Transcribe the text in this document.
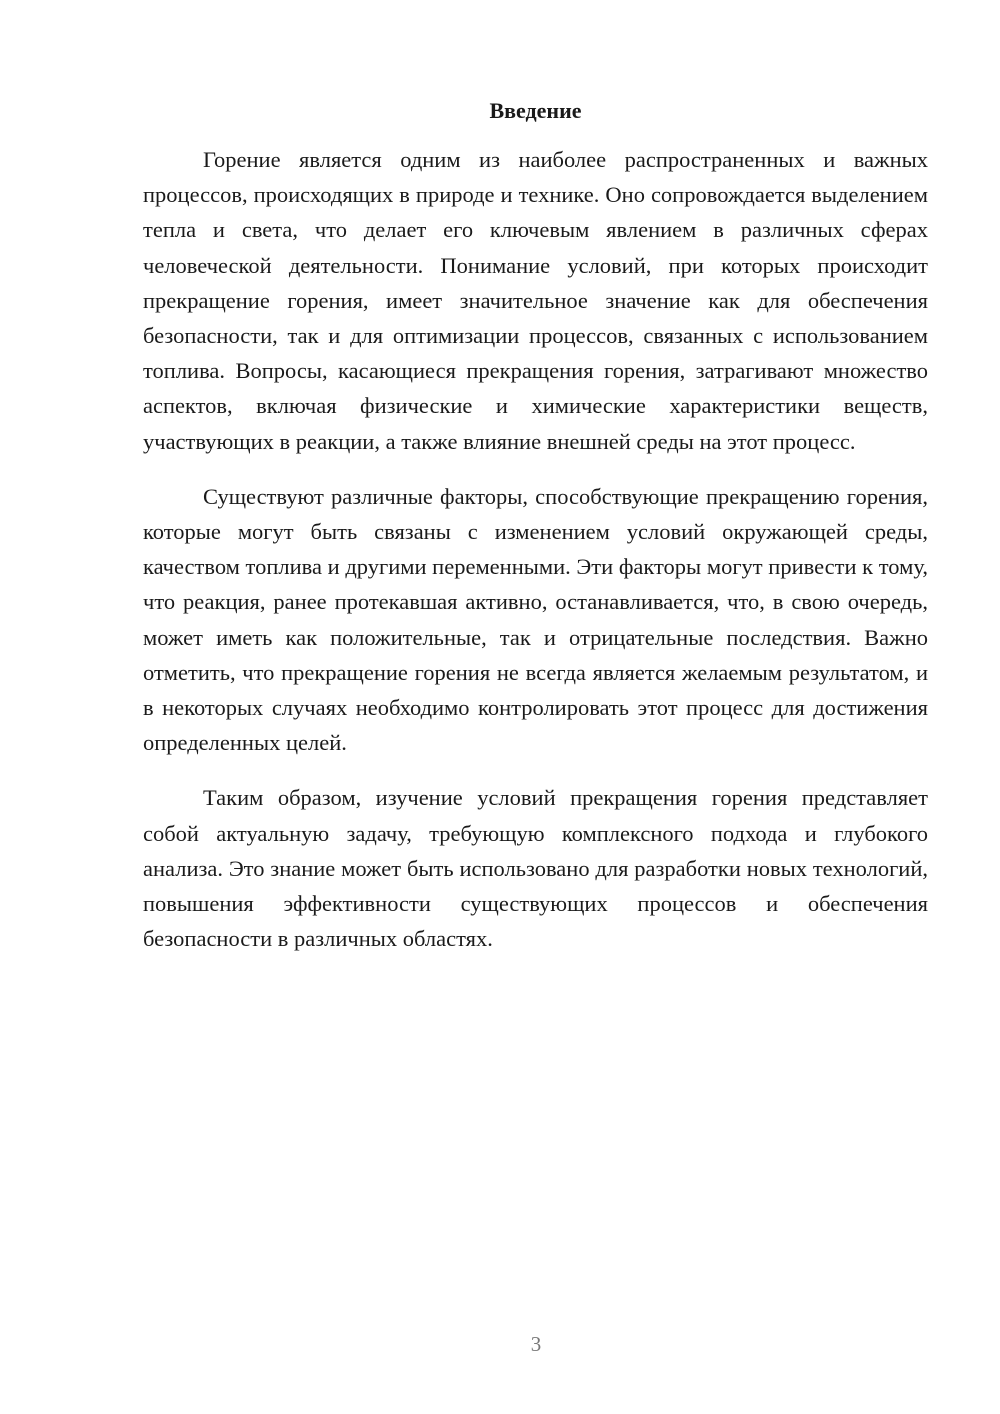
Введение

Горение является одним из наиболее распространенных и важных процессов, происходящих в природе и технике. Оно сопровождается выделением тепла и света, что делает его ключевым явлением в различных сферах человеческой деятельности. Понимание условий, при которых происходит прекращение горения, имеет значительное значение как для обеспечения безопасности, так и для оптимизации процессов, связанных с использованием топлива. Вопросы, касающиеся прекращения горения, затрагивают множество аспектов, включая физические и химические характеристики веществ, участвующих в реакции, а также влияние внешней среды на этот процесс.

Существуют различные факторы, способствующие прекращению горения, которые могут быть связаны с изменением условий окружающей среды, качеством топлива и другими переменными. Эти факторы могут привести к тому, что реакция, ранее протекавшая активно, останавливается, что, в свою очередь, может иметь как положительные, так и отрицательные последствия. Важно отметить, что прекращение горения не всегда является желаемым результатом, и в некоторых случаях необходимо контролировать этот процесс для достижения определенных целей.

Таким образом, изучение условий прекращения горения представляет собой актуальную задачу, требующую комплексного подхода и глубокого анализа. Это знание может быть использовано для разработки новых технологий, повышения эффективности существующих процессов и обеспечения безопасности в различных областях.

3
